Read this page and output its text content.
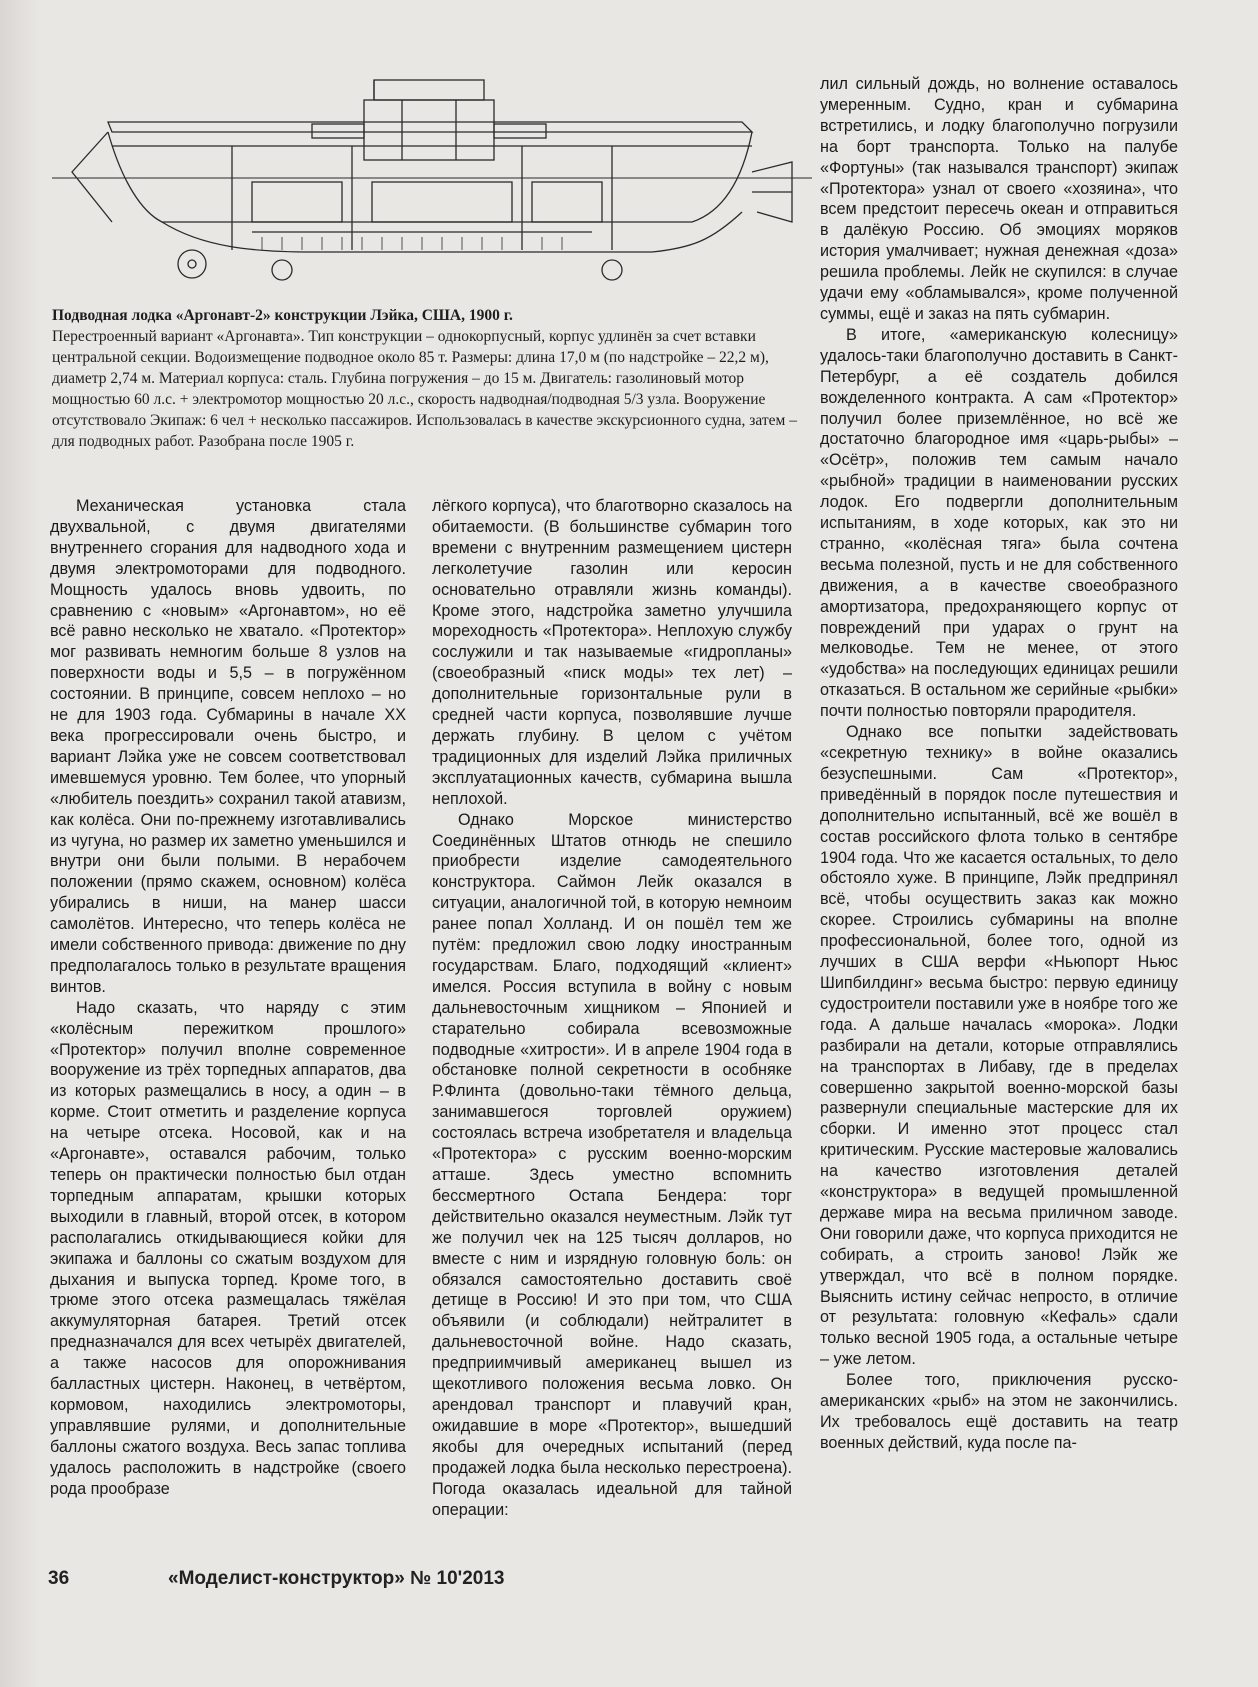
Подводная лодка «Аргонавт-2» конструкции Лэйка, США, 1900 г.
Перестроенный вариант «Аргонавта». Тип конструкции – однокорпусный, корпус удлинён за счет вставки центральной секции. Водоизмещение подводное около 85 т. Размеры: длина 17,0 м (по надстройке – 22,2 м), диаметр 2,74 м. Материал корпуса: сталь. Глубина погружения – до 15 м. Двигатель: газолиновый мотор мощностью 60 л.с. + электромотор мощностью 20 л.с., скорость надводная/подводная 5/3 узла. Вооружение отсутствовало Экипаж: 6 чел + несколько пассажиров. Использовалась в качестве экскурсионного судна, затем – для подводных работ. Разобрана после 1905 г.

Механическая установка стала двухвальной, с двумя двигателями внутреннего сгорания для надводного хода и двумя электромоторами для подводного. Мощность удалось вновь удвоить, по сравнению с «новым» «Аргонавтом», но её всё равно несколько не хватало. «Протектор» мог развивать немногим больше 8 узлов на поверхности воды и 5,5 – в погружённом состоянии. В принципе, совсем неплохо – но не для 1903 года. Субмарины в начале XX века прогрессировали очень быстро, и вариант Лэйка уже не совсем соответствовал имевшемуся уровню. Тем более, что упорный «любитель поездить» сохранил такой атавизм, как колёса. Они по-прежнему изготавливались из чугуна, но размер их заметно уменьшился и внутри они были полыми. В нерабочем положении (прямо скажем, основном) колёса убирались в ниши, на манер шасси самолётов. Интересно, что теперь колёса не имели собственного привода: движение по дну предполагалось только в результате вращения винтов.

Надо сказать, что наряду с этим «колёсным пережитком прошлого» «Протектор» получил вполне современное вооружение из трёх торпедных аппаратов, два из которых размещались в носу, а один – в корме. Стоит отметить и разделение корпуса на четыре отсека. Носовой, как и на «Аргонавте», оставался рабочим, только теперь он практически полностью был отдан торпедным аппаратам, крышки которых выходили в главный, второй отсек, в котором располагались откидывающиеся койки для экипажа и баллоны со сжатым воздухом для дыхания и выпуска торпед. Кроме того, в трюме этого отсека размещалась тяжёлая аккумуляторная батарея. Третий отсек предназначался для всех четырёх двигателей, а также насосов для опорожнивания балластных цистерн. Наконец, в четвёртом, кормовом, находились электромоторы, управлявшие рулями, и дополнительные баллоны сжатого воздуха. Весь запас топлива удалось расположить в надстройке (своего рода прообразе

лёгкого корпуса), что благотворно сказалось на обитаемости. (В большинстве субмарин того времени с внутренним размещением цистерн легколетучие газолин или керосин основательно отравляли жизнь команды). Кроме этого, надстройка заметно улучшила мореходность «Протектора». Неплохую службу сослужили и так называемые «гидропланы» (своеобразный «писк моды» тех лет) – дополнительные горизонтальные рули в средней части корпуса, позволявшие лучше держать глубину. В целом с учётом традиционных для изделий Лэйка приличных эксплуатационных качеств, субмарина вышла неплохой.

Однако Морское министерство Соединённых Штатов отнюдь не спешило приобрести изделие самодеятельного конструктора. Саймон Лейк оказался в ситуации, аналогичной той, в которую немноим ранее попал Холланд. И он пошёл тем же путём: предложил свою лодку иностранным государствам. Благо, подходящий «клиент» имелся. Россия вступила в войну с новым дальневосточным хищником – Японией и старательно собирала всевозможные подводные «хитрости». И в апреле 1904 года в обстановке полной секретности в особняке Р.Флинта (довольно-таки тёмного дельца, занимавшегося торговлей оружием) состоялась встреча изобретателя и владельца «Протектора» с русским военно-морским атташе. Здесь уместно вспомнить бессмертного Остапа Бендера: торг действительно оказался неуместным. Лэйк тут же получил чек на 125 тысяч долларов, но вместе с ним и изрядную головную боль: он обязался самостоятельно доставить своё детище в Россию! И это при том, что США объявили (и соблюдали) нейтралитет в дальневосточной войне. Надо сказать, предприимчивый американец вышел из щекотливого положения весьма ловко. Он арендовал транспорт и плавучий кран, ожидавшие в море «Протектор», вышедший якобы для очередных испытаний (перед продажей лодка была несколько перестроена). Погода оказалась идеальной для тайной операции:

лил сильный дождь, но волнение оставалось умеренным. Судно, кран и субмарина встретились, и лодку благополучно погрузили на борт транспорта. Только на палубе «Фортуны» (так назывался транспорт) экипаж «Протектора» узнал от своего «хозяина», что всем предстоит пересечь океан и отправиться в далёкую Россию. Об эмоциях моряков история умалчивает; нужная денежная «доза» решила проблемы. Лейк не скупился: в случае удачи ему «обламывался», кроме полученной суммы, ещё и заказ на пять субмарин.

В итоге, «американскую колесницу» удалось-таки благополучно доставить в Санкт-Петербург, а её создатель добился вожделенного контракта. А сам «Протектор» получил более приземлённое, но всё же достаточно благородное имя «царь-рыбы» – «Осётр», положив тем самым начало «рыбной» традиции в наименовании русских лодок. Его подвергли дополнительным испытаниям, в ходе которых, как это ни странно, «колёсная тяга» была сочтена весьма полезной, пусть и не для собственного движения, а в качестве своеобразного амортизатора, предохраняющего корпус от повреждений при ударах о грунт на мелководье. Тем не менее, от этого «удобства» на последующих единицах решили отказаться. В остальном же серийные «рыбки» почти полностью повторяли прародителя.

Однако все попытки задействовать «секретную технику» в войне оказались безуспешными. Сам «Протектор», приведённый в порядок после путешествия и дополнительно испытанный, всё же вошёл в состав российского флота только в сентябре 1904 года. Что же касается остальных, то дело обстояло хуже. В принципе, Лэйк предпринял всё, чтобы осуществить заказ как можно скорее. Строились субмарины на вполне профессиональной, более того, одной из лучших в США верфи «Ньюпорт Ньюс Шипбилдинг» весьма быстро: первую единицу судостроители поставили уже в ноябре того же года. А дальше началась «морока». Лодки разбирали на детали, которые отправлялись на транспортах в Либаву, где в пределах совершенно закрытой военно-морской базы развернули специальные мастерские для их сборки. И именно этот процесс стал критическим. Русские мастеровые жаловались на качество изготовления деталей «конструктора» в ведущей промышленной державе мира на весьма приличном заводе. Они говорили даже, что корпуса приходится не собирать, а строить заново! Лэйк же утверждал, что всё в полном порядке. Выяснить истину сейчас непросто, в отличие от результата: головную «Кефаль» сдали только весной 1905 года, а остальные четыре – уже летом.

Более того, приключения русско-американских «рыб» на этом не закончились. Их требовалось ещё доставить на театр военных действий, куда после па-

36	«Моделист-конструктор» № 10'2013
